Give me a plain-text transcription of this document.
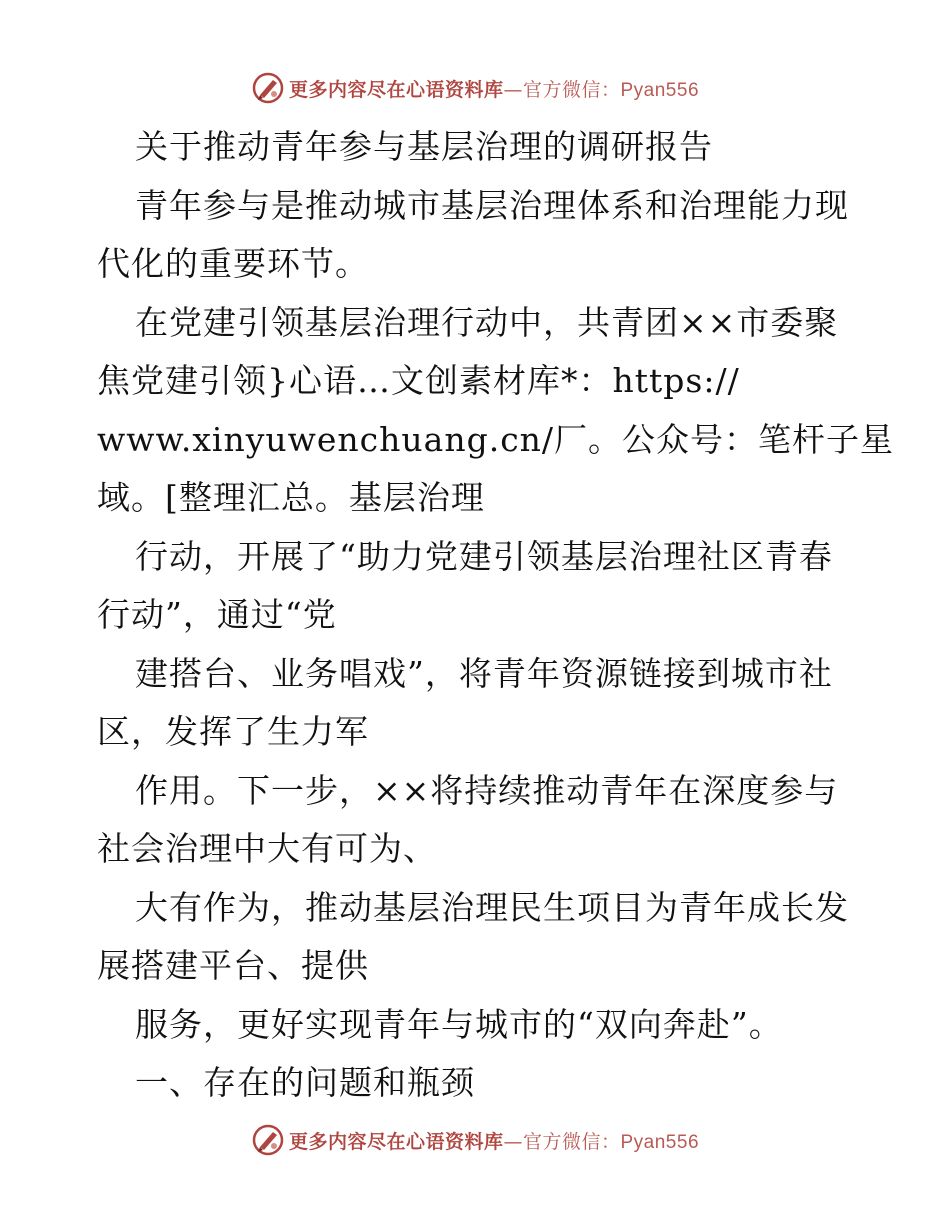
更多内容尽在心语资料库—官方微信：Pyan556
关于推动青年参与基层治理的调研报告
青年参与是推动城市基层治理体系和治理能力现
代化的重要环节。
在党建引领基层治理行动中，共青团××市委聚
焦党建引领}心语…文创素材库*：https://
www.xinyuwenchuang.cn/厂。公众号：笔杆子星
域。[整理汇总。基层治理
行动，开展了“助力党建引领基层治理社区青春
行动”，通过“党
建搭台、业务唱戏”，将青年资源链接到城市社
区，发挥了生力军
作用。下一步，××将持续推动青年在深度参与
社会治理中大有可为、
大有作为，推动基层治理民生项目为青年成长发
展搭建平台、提供
服务，更好实现青年与城市的“双向奔赴”。
一、存在的问题和瓶颈
更多内容尽在心语资料库—官方微信：Pyan556
